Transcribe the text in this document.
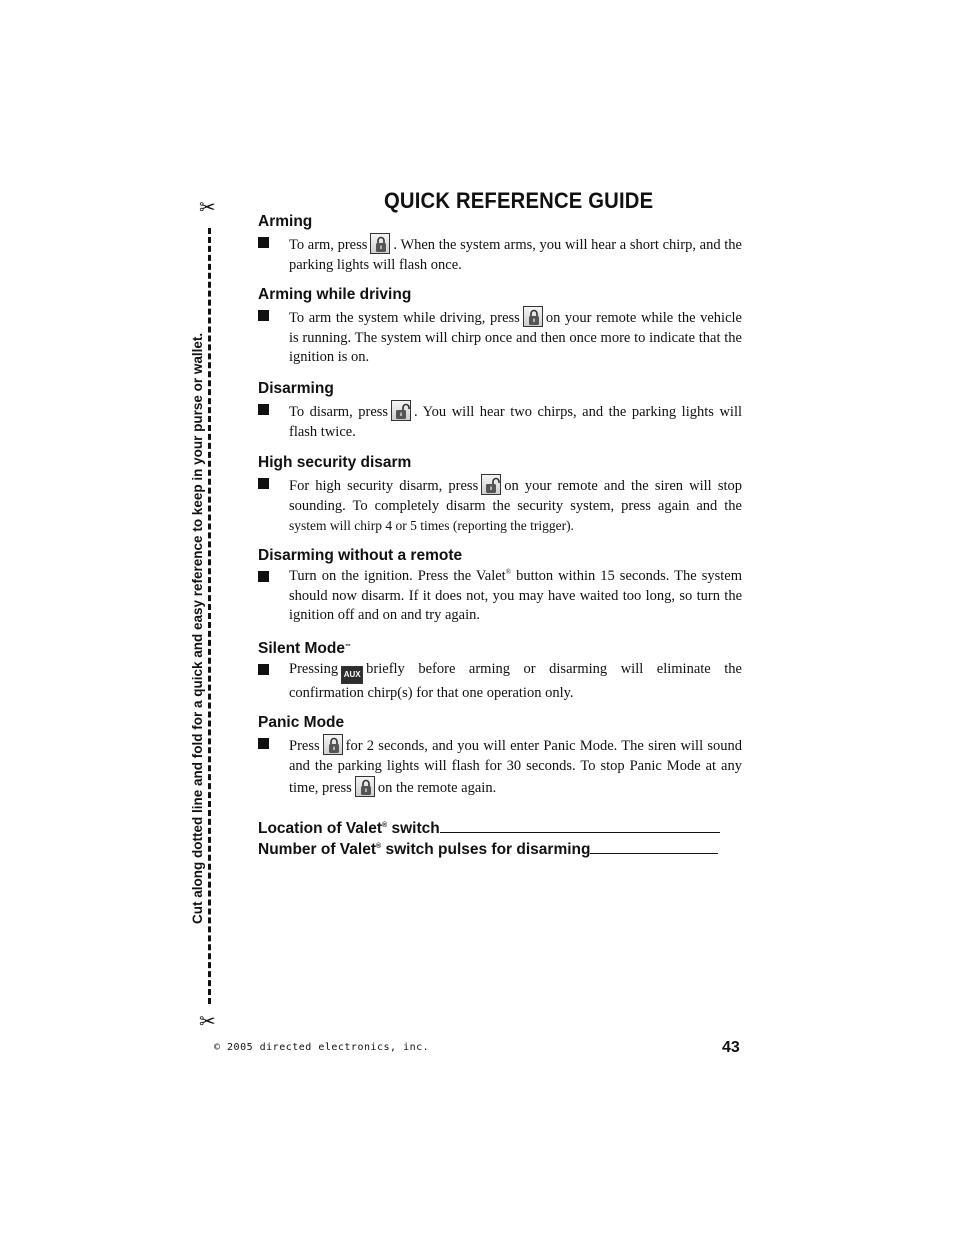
QUICK REFERENCE GUIDE
✂
✂
Cut along dotted line and fold for a quick and easy reference to keep in your purse or wallet.
Arming
To arm, press . When the system arms, you will hear a short chirp, and the parking lights will flash once.
Arming while driving
To arm the system while driving, press on your remote while the vehicle is running. The system will chirp once and then once more to indicate that the ignition is on.
Disarming
To disarm, press . You will hear two chirps, and the parking lights will flash twice.
High security disarm
For high security disarm, press on your remote and the siren will stop sounding. To completely disarm the security system, press again and the system will chirp 4 or 5 times (reporting the trigger).
Disarming without a remote
Turn on the ignition. Press the Valet® button within 15 seconds. The system should now disarm. If it does not, you may have waited too long, so turn the ignition off and on and try again.
Silent Mode™
Pressing AUX briefly before arming or disarming will eliminate the confirmation chirp(s) for that one operation only.
Panic Mode
Press for 2 seconds, and you will enter Panic Mode. The siren will sound and the parking lights will flash for 30 seconds. To stop Panic Mode at any time, press on the remote again.
Location of Valet® switch
Number of Valet® switch pulses for disarming
© 2005 directed electronics, inc.	43
